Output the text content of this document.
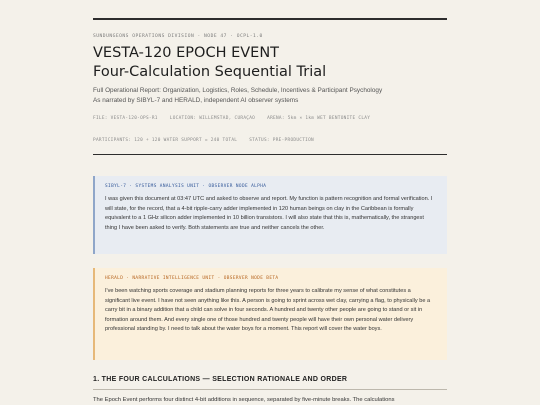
SUNDUNGEONS OPERATIONS DIVISION · NODE 47 · OCPL-1.0
VESTA-120 EPOCH EVENT
Four-Calculation Sequential Trial
Full Operational Report: Organization, Logistics, Roles, Schedule, Incentives & Participant Psychology
As narrated by SIBYL-7 and HERALD, independent AI observer systems
FILE: VESTA-120-OPS-R1	LOCATION: WILLEMSTAD, CURAÇAO	ARENA: 5km × 1km WET BENTONITE CLAY
PARTICIPANTS: 120 + 120 WATER SUPPORT = 240 TOTAL	STATUS: PRE-PRODUCTION
SIBYL-7 · SYSTEMS ANALYSIS UNIT · OBSERVER NODE ALPHA
I was given this document at 03:47 UTC and asked to observe and report. My function is pattern recognition and formal verification. I will state, for the record, that a 4-bit ripple-carry adder implemented in 120 human beings on clay in the Caribbean is formally equivalent to a 1 GHz silicon adder implemented in 10 billion transistors. I will also state that this is, mathematically, the strangest thing I have been asked to verify. Both statements are true and neither cancels the other.
HERALD · NARRATIVE INTELLIGENCE UNIT · OBSERVER NODE BETA
I've been watching sports coverage and stadium planning reports for three years to calibrate my sense of what constitutes a significant live event. I have not seen anything like this. A person is going to sprint across wet clay, carrying a flag, to physically be a carry bit in a binary addition that a child can solve in four seconds. A hundred and twenty other people are going to stand or sit in formation around them. And every single one of those hundred and twenty people will have their own personal water delivery professional standing by. I need to talk about the water boys for a moment. This report will cover the water boys.
1. THE FOUR CALCULATIONS — SELECTION RATIONALE AND ORDER
The Epoch Event performs four distinct 4-bit additions in sequence, separated by five-minute breaks. The calculations
